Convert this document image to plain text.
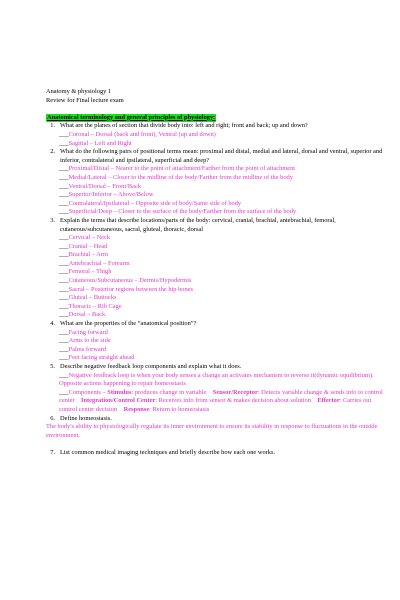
Anatomy & physiology 1
Review for Final lecture exam
Anatomical terminology and general principles of physiology:
1. What are the planes of section that divide body into: left and right; front and back; up and down?
___Coronal – Dorsal (back and front), Ventral (up and down)
___Sagittal – Left and Right
2. What do the following pairs of positional terms mean: proximal and distal, medial and lateral, dorsal and ventral, superior and inferior, contralateral and ipsilateral, superficial and deep?
___Proximal/Distal – Nearer to the point of attachment/Farther from the point of attachment
___Medial/Lateral – Closer to the midline of the body/Farther from the midline of the body
___Ventral/Dorsal – Front/Back
___Superior/Inferior – Above/Below
___Contralateral/Ipsilateral – Opposite side of body/Same side of body
___Superficial/Deep – Closer to the surface of the body/Farther from the surface of the body
3. Explain the terms that describe locations/parts of the body: cervical, cranial, brachial, antebrachial, femoral, cutaneous/subcutaneous, sacral, gluteal, thoracic, dorsal
___Cervical – Neck
___Cranial – Head
___Brachial – Arm
___Antebrachial – Forearm
___Femoral – Thigh
___Cutaneous/Subcutaneous – Dermis/Hypodermis
___Sacral – Posterior regions between the hip bones
___Gluteal – Buttocks
___Thoracic – Rib Cage
___Dorsal – Back
4. What are the properties of the “anatomical position”?
___Facing forward
___Arms to the side
___Palms forward
___Feet facing straight ahead
5. Describe negative feedback loop components and explain what it does.
___Negative feedback loop is when your body senses a change an activates mechanism to reverse it(dynamic equilibrium). Opposite actions happening to repair homeostasis
___Components – Stimulus: produces change in variable Sensor/Receptor: Detects variable change & sends info to control center Integration/Control Center: Receives info from sensor & makes decision about solution Effector: Carries out control center decision Response: Return to homeostasis
6. Define homeostasis.
The body's ability to physiologically regulate its inner environment to ensure its stability in response to fluctuations in the outside environment.
7. List common medical imaging techniques and briefly describe how each one works.
